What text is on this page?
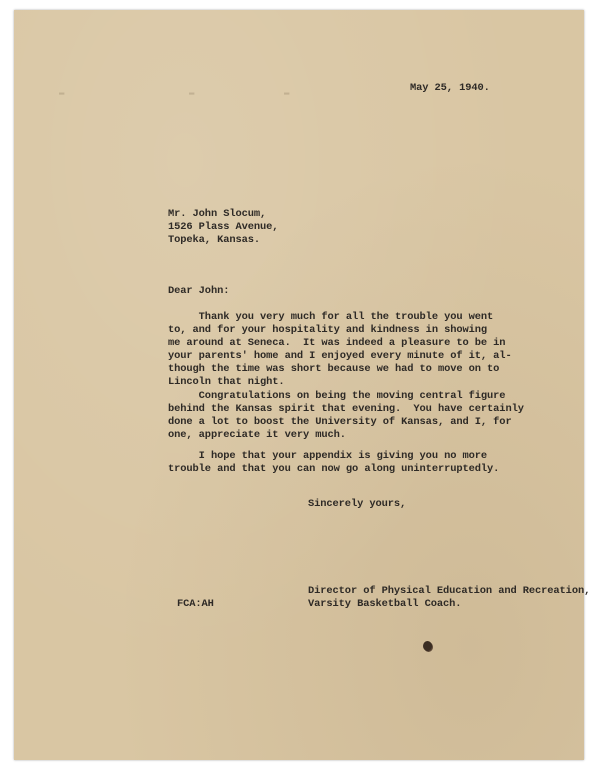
▬	▬	▬	May 25, 1940.
Mr. John Slocum,
1526 Plass Avenue,
Topeka, Kansas.
Dear John:
Thank you very much for all the trouble you went
to, and for your hospitality and kindness in showing
me around at Seneca.  It was indeed a pleasure to be in
your parents' home and I enjoyed every minute of it, al-
though the time was short because we had to move on to
Lincoln that night.
Congratulations on being the moving central figure
behind the Kansas spirit that evening.  You have certainly
done a lot to boost the University of Kansas, and I, for
one, appreciate it very much.
I hope that your appendix is giving you no more
trouble and that you can now go along uninterruptedly.
Sincerely yours,
Director of Physical Education and Recreation,
Varsity Basketball Coach.
FCA:AH
